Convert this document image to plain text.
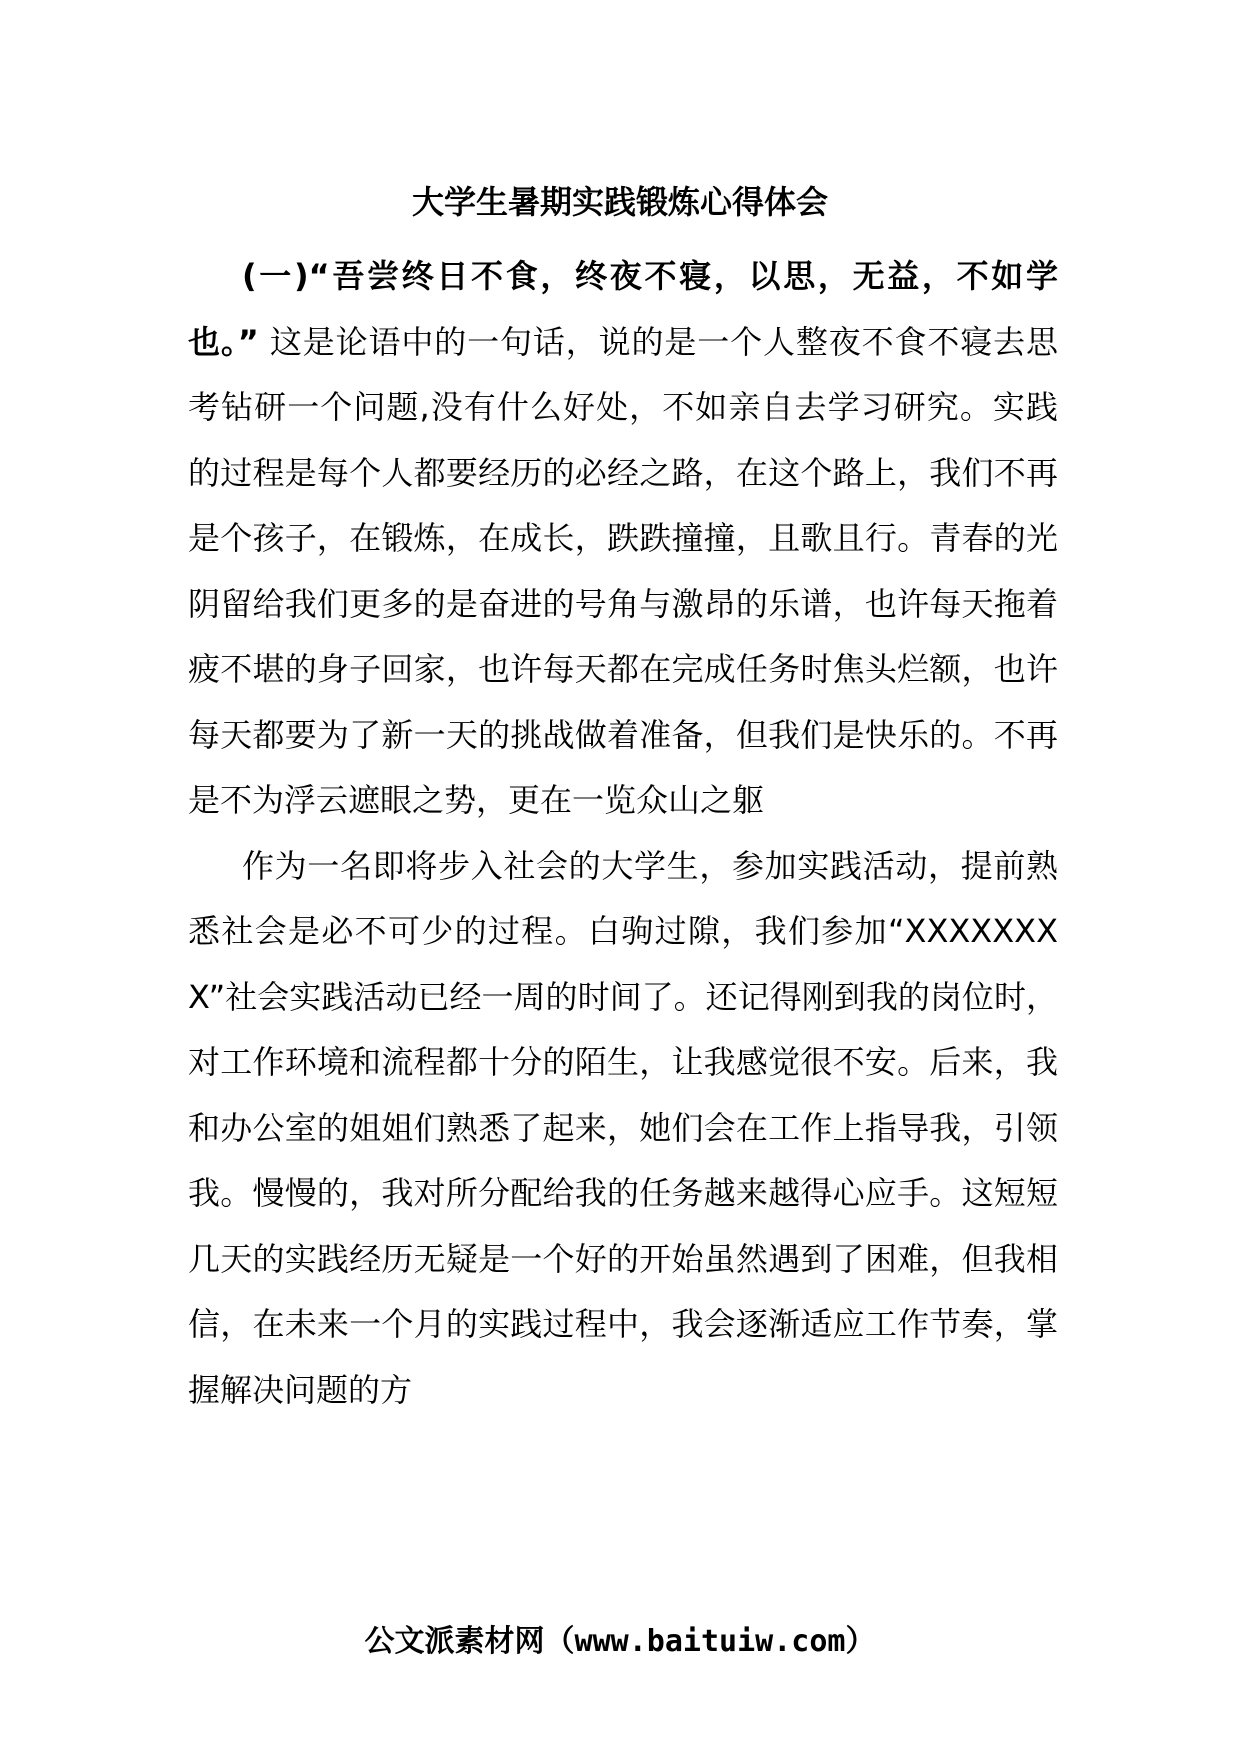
大学生暑期实践锻炼心得体会

(一)“吾尝终日不食，终夜不寝，以思，无益，不如学也。” 这是论语中的一句话，说的是一个人整夜不食不寝去思考钻研一个问题,没有什么好处，不如亲自去学习研究。实践的过程是每个人都要经历的必经之路，在这个路上，我们不再是个孩子，在锻炼，在成长，跌跌撞撞，且歌且行。青春的光阴留给我们更多的是奋进的号角与激昂的乐谱，也许每天拖着疲不堪的身子回家，也许每天都在完成任务时焦头烂额，也许每天都要为了新一天的挑战做着准备，但我们是快乐的。不再是不为浮云遮眼之势，更在一览众山之躯

作为一名即将步入社会的大学生，参加实践活动，提前熟悉社会是必不可少的过程。白驹过隙，我们参加“XXXXXXXX”社会实践活动已经一周的时间了。还记得刚到我的岗位时，对工作环境和流程都十分的陌生，让我感觉很不安。后来，我和办公室的姐姐们熟悉了起来，她们会在工作上指导我，引领我。慢慢的，我对所分配给我的任务越来越得心应手。这短短几天的实践经历无疑是一个好的开始虽然遇到了困难，但我相信，在未来一个月的实践过程中，我会逐渐适应工作节奏，掌握解决问题的方

公文派素材网（www.baituiw.com）
